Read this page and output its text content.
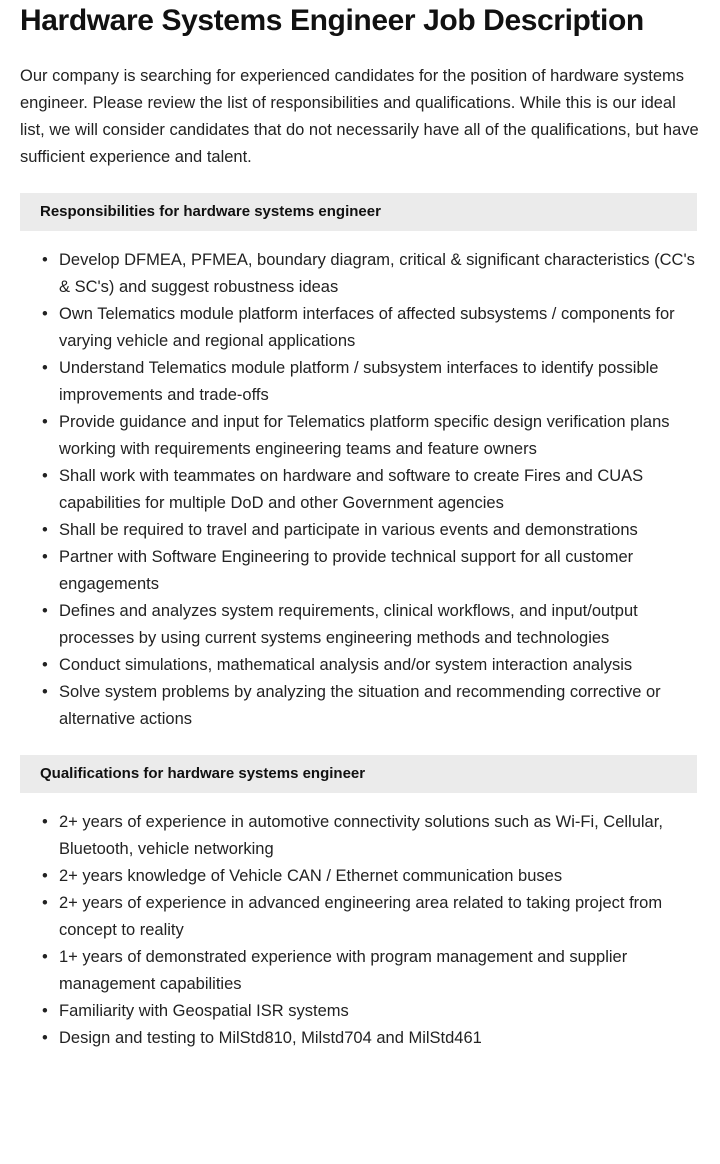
Hardware Systems Engineer Job Description

Our company is searching for experienced candidates for the position of hardware systems engineer. Please review the list of responsibilities and qualifications. While this is our ideal list, we will consider candidates that do not necessarily have all of the qualifications, but have sufficient experience and talent.

Responsibilities for hardware systems engineer
• Develop DFMEA, PFMEA, boundary diagram, critical & significant characteristics (CC's & SC's) and suggest robustness ideas
• Own Telematics module platform interfaces of affected subsystems / components for varying vehicle and regional applications
• Understand Telematics module platform / subsystem interfaces to identify possible improvements and trade-offs
• Provide guidance and input for Telematics platform specific design verification plans working with requirements engineering teams and feature owners
• Shall work with teammates on hardware and software to create Fires and CUAS capabilities for multiple DoD and other Government agencies
• Shall be required to travel and participate in various events and demonstrations
• Partner with Software Engineering to provide technical support for all customer engagements
• Defines and analyzes system requirements, clinical workflows, and input/output processes by using current systems engineering methods and technologies
• Conduct simulations, mathematical analysis and/or system interaction analysis
• Solve system problems by analyzing the situation and recommending corrective or alternative actions
Qualifications for hardware systems engineer
• 2+ years of experience in automotive connectivity solutions such as Wi-Fi, Cellular, Bluetooth, vehicle networking
• 2+ years knowledge of Vehicle CAN / Ethernet communication buses
• 2+ years of experience in advanced engineering area related to taking project from concept to reality
• 1+ years of demonstrated experience with program management and supplier management capabilities
• Familiarity with Geospatial ISR systems
• Design and testing to MilStd810, Milstd704 and MilStd461
